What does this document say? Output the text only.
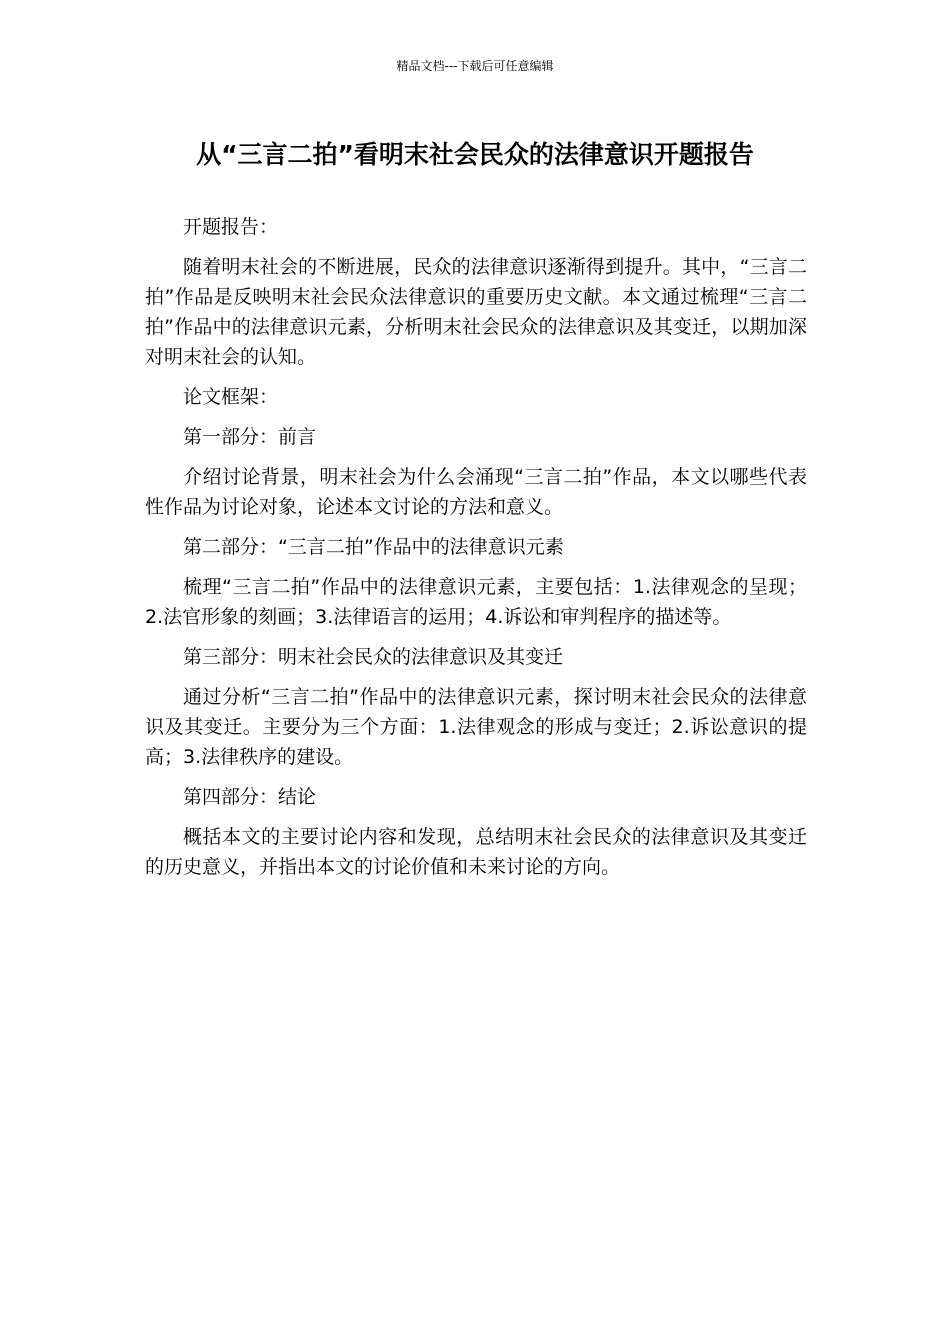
精品文档---下载后可任意编辑
从“三言二拍”看明末社会民众的法律意识开题报告

开题报告：

随着明末社会的不断进展，民众的法律意识逐渐得到提升。其中，“三言二拍”作品是反映明末社会民众法律意识的重要历史文献。本文通过梳理“三言二拍”作品中的法律意识元素，分析明末社会民众的法律意识及其变迁，以期加深对明末社会的认知。

论文框架：

第一部分：前言

介绍讨论背景，明末社会为什么会涌现“三言二拍”作品，本文以哪些代表性作品为讨论对象，论述本文讨论的方法和意义。

第二部分：“三言二拍”作品中的法律意识元素

梳理“三言二拍”作品中的法律意识元素，主要包括：1.法律观念的呈现；2.法官形象的刻画；3.法律语言的运用；4.诉讼和审判程序的描述等。

第三部分：明末社会民众的法律意识及其变迁

通过分析“三言二拍”作品中的法律意识元素，探讨明末社会民众的法律意识及其变迁。主要分为三个方面：1.法律观念的形成与变迁；2.诉讼意识的提高；3.法律秩序的建设。

第四部分：结论

概括本文的主要讨论内容和发现，总结明末社会民众的法律意识及其变迁的历史意义，并指出本文的讨论价值和未来讨论的方向。
